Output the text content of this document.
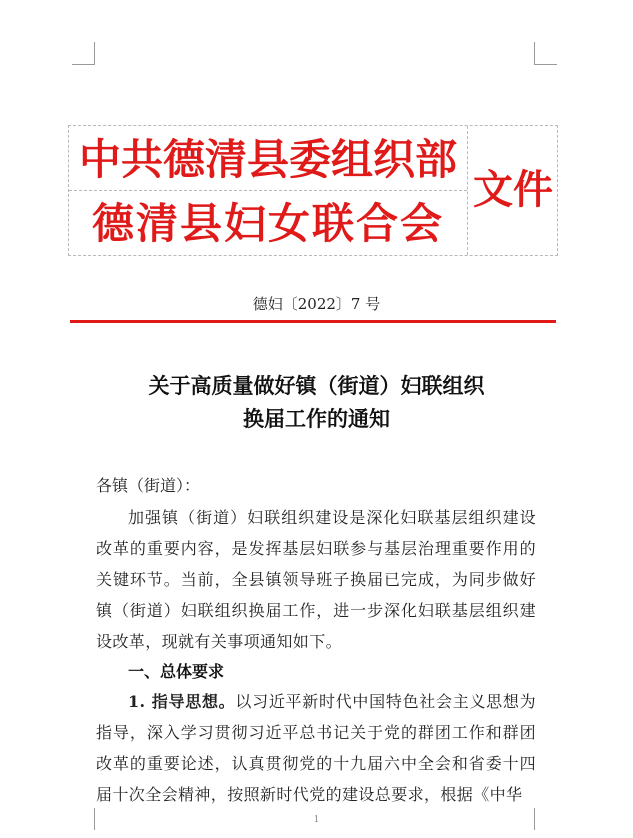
中共德清县委组织部
德清县妇女联合会
文件
德妇〔2022〕7 号
关于高质量做好镇（街道）妇联组织
换届工作的通知
各镇（街道）：
加强镇（街道）妇联组织建设是深化妇联基层组织建设改革的重要内容，是发挥基层妇联参与基层治理重要作用的关键环节。当前，全县镇领导班子换届已完成，为同步做好镇（街道）妇联组织换届工作，进一步深化妇联基层组织建设改革，现就有关事项通知如下。
一、总体要求
1. 指导思想。以习近平新时代中国特色社会主义思想为指导，深入学习贯彻习近平总书记关于党的群团工作和群团改革的重要论述，认真贯彻党的十九届六中全会和省委十四届十次全会精神，按照新时代党的建设总要求，根据《中华
1
